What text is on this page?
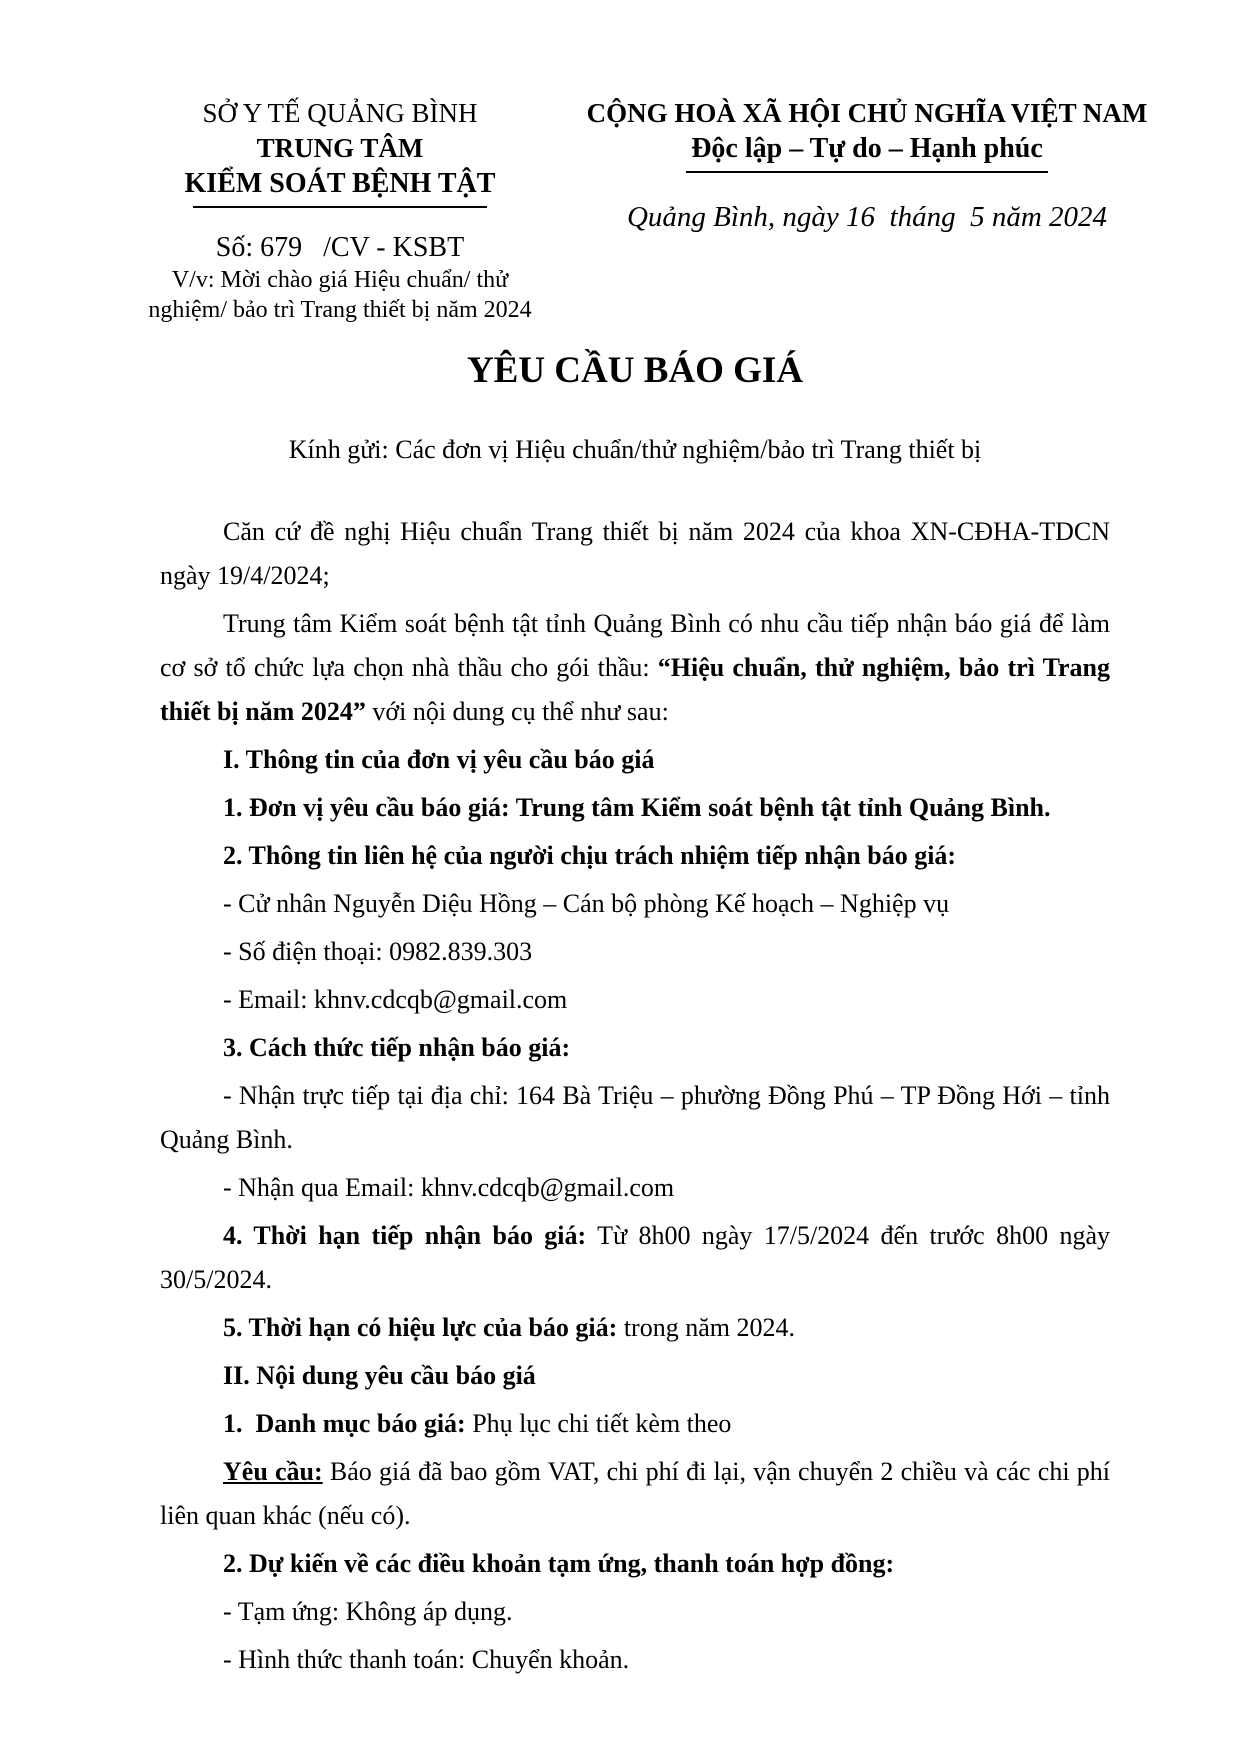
SỞ Y TẾ QUẢNG BÌNH
TRUNG TÂM
KIỂM SOÁT BỆNH TẬT
Số: 679   /CV - KSBT
V/v: Mời chào giá Hiệu chuẩn/ thử
nghiệm/ bảo trì Trang thiết bị năm 2024
CỘNG HOÀ XÃ HỘI CHỦ NGHĨA VIỆT NAM
Độc lập – Tự do – Hạnh phúc
Quảng Bình, ngày 16  tháng  5 năm 2024
YÊU CẦU BÁO GIÁ
Kính gửi: Các đơn vị Hiệu chuẩn/thử nghiệm/bảo trì Trang thiết bị

Căn cứ đề nghị Hiệu chuẩn Trang thiết bị năm 2024 của khoa XN-CĐHA-TDCN ngày 19/4/2024;

Trung tâm Kiểm soát bệnh tật tỉnh Quảng Bình có nhu cầu tiếp nhận báo giá để làm cơ sở tổ chức lựa chọn nhà thầu cho gói thầu: “Hiệu chuẩn, thử nghiệm, bảo trì Trang thiết bị năm 2024” với nội dung cụ thể như sau:

I. Thông tin của đơn vị yêu cầu báo giá

1. Đơn vị yêu cầu báo giá: Trung tâm Kiểm soát bệnh tật tỉnh Quảng Bình.

2. Thông tin liên hệ của người chịu trách nhiệm tiếp nhận báo giá:

- Cử nhân Nguyễn Diệu Hồng – Cán bộ phòng Kế hoạch – Nghiệp vụ

- Số điện thoại: 0982.839.303

- Email: khnv.cdcqb@gmail.com

3. Cách thức tiếp nhận báo giá:

- Nhận trực tiếp tại địa chỉ: 164 Bà Triệu – phường Đồng Phú – TP Đồng Hới – tỉnh Quảng Bình.

- Nhận qua Email: khnv.cdcqb@gmail.com

4. Thời hạn tiếp nhận báo giá: Từ 8h00 ngày 17/5/2024 đến trước 8h00 ngày 30/5/2024.

5. Thời hạn có hiệu lực của báo giá: trong năm 2024.

II. Nội dung yêu cầu báo giá

1.  Danh mục báo giá: Phụ lục chi tiết kèm theo

Yêu cầu: Báo giá đã bao gồm VAT, chi phí đi lại, vận chuyển 2 chiều và các chi phí liên quan khác (nếu có).

2. Dự kiến về các điều khoản tạm ứng, thanh toán hợp đồng:

- Tạm ứng: Không áp dụng.

- Hình thức thanh toán: Chuyển khoản.
